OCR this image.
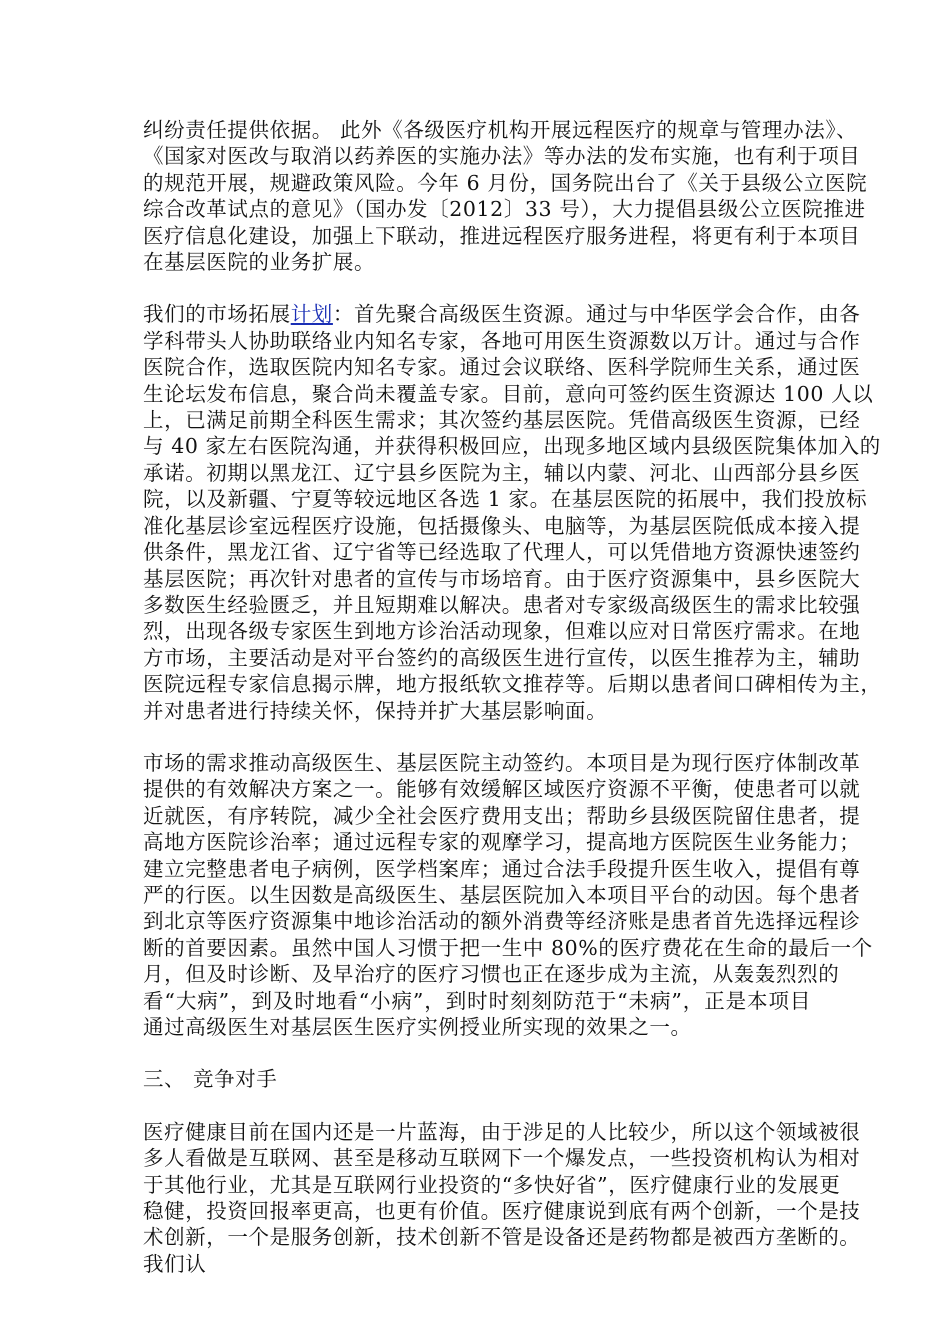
纠纷责任提供依据。 此外《各级医疗机构开展远程医疗的规章与管理办法》、
《国家对医改与取消以药养医的实施办法》等办法的发布实施，也有利于项目
的规范开展，规避政策风险。今年 6 月份，国务院出台了《关于县级公立医院
综合改革试点的意见》（国办发〔2012〕33 号），大力提倡县级公立医院推进
医疗信息化建设，加强上下联动，推进远程医疗服务进程，将更有利于本项目
在基层医院的业务扩展。

我们的市场拓展计划：首先聚合高级医生资源。通过与中华医学会合作，由各
学科带头人协助联络业内知名专家，各地可用医生资源数以万计。通过与合作
医院合作，选取医院内知名专家。通过会议联络、医科学院师生关系，通过医
生论坛发布信息，聚合尚未覆盖专家。目前，意向可签约医生资源达 100 人以
上，已满足前期全科医生需求；其次签约基层医院。凭借高级医生资源，已经
与 40 家左右医院沟通，并获得积极回应，出现多地区域内县级医院集体加入的
承诺。初期以黑龙江、辽宁县乡医院为主，辅以内蒙、河北、山西部分县乡医
院，以及新疆、宁夏等较远地区各选 1 家。在基层医院的拓展中，我们投放标
准化基层诊室远程医疗设施，包括摄像头、电脑等，为基层医院低成本接入提
供条件，黑龙江省、辽宁省等已经选取了代理人，可以凭借地方资源快速签约
基层医院；再次针对患者的宣传与市场培育。由于医疗资源集中，县乡医院大
多数医生经验匮乏，并且短期难以解决。患者对专家级高级医生的需求比较强
烈，出现各级专家医生到地方诊治活动现象，但难以应对日常医疗需求。在地
方市场，主要活动是对平台签约的高级医生进行宣传，以医生推荐为主，辅助
医院远程专家信息揭示牌，地方报纸软文推荐等。后期以患者间口碑相传为主，
并对患者进行持续关怀，保持并扩大基层影响面。

市场的需求推动高级医生、基层医院主动签约。本项目是为现行医疗体制改革
提供的有效解决方案之一。能够有效缓解区域医疗资源不平衡，使患者可以就
近就医，有序转院，减少全社会医疗费用支出；帮助乡县级医院留住患者，提
高地方医院诊治率；通过远程专家的观摩学习，提高地方医院医生业务能力；
建立完整患者电子病例，医学档案库；通过合法手段提升医生收入，提倡有尊
严的行医。以生因数是高级医生、基层医院加入本项目平台的动因。每个患者
到北京等医疗资源集中地诊治活动的额外消费等经济账是患者首先选择远程诊
断的首要因素。虽然中国人习惯于把一生中 80%的医疗费花在生命的最后一个
月，但及时诊断、及早治疗的医疗习惯也正在逐步成为主流，从轰轰烈烈的
看“大病”，到及时地看“小病”，到时时刻刻防范于“未病”，正是本项目
通过高级医生对基层医生医疗实例授业所实现的效果之一。

三、 竞争对手

医疗健康目前在国内还是一片蓝海，由于涉足的人比较少，所以这个领域被很
多人看做是互联网、甚至是移动互联网下一个爆发点，一些投资机构认为相对
于其他行业，尤其是互联网行业投资的“多快好省”，医疗健康行业的发展更
稳健，投资回报率更高，也更有价值。医疗健康说到底有两个创新，一个是技
术创新，一个是服务创新，技术创新不管是设备还是药物都是被西方垄断的。
我们认
